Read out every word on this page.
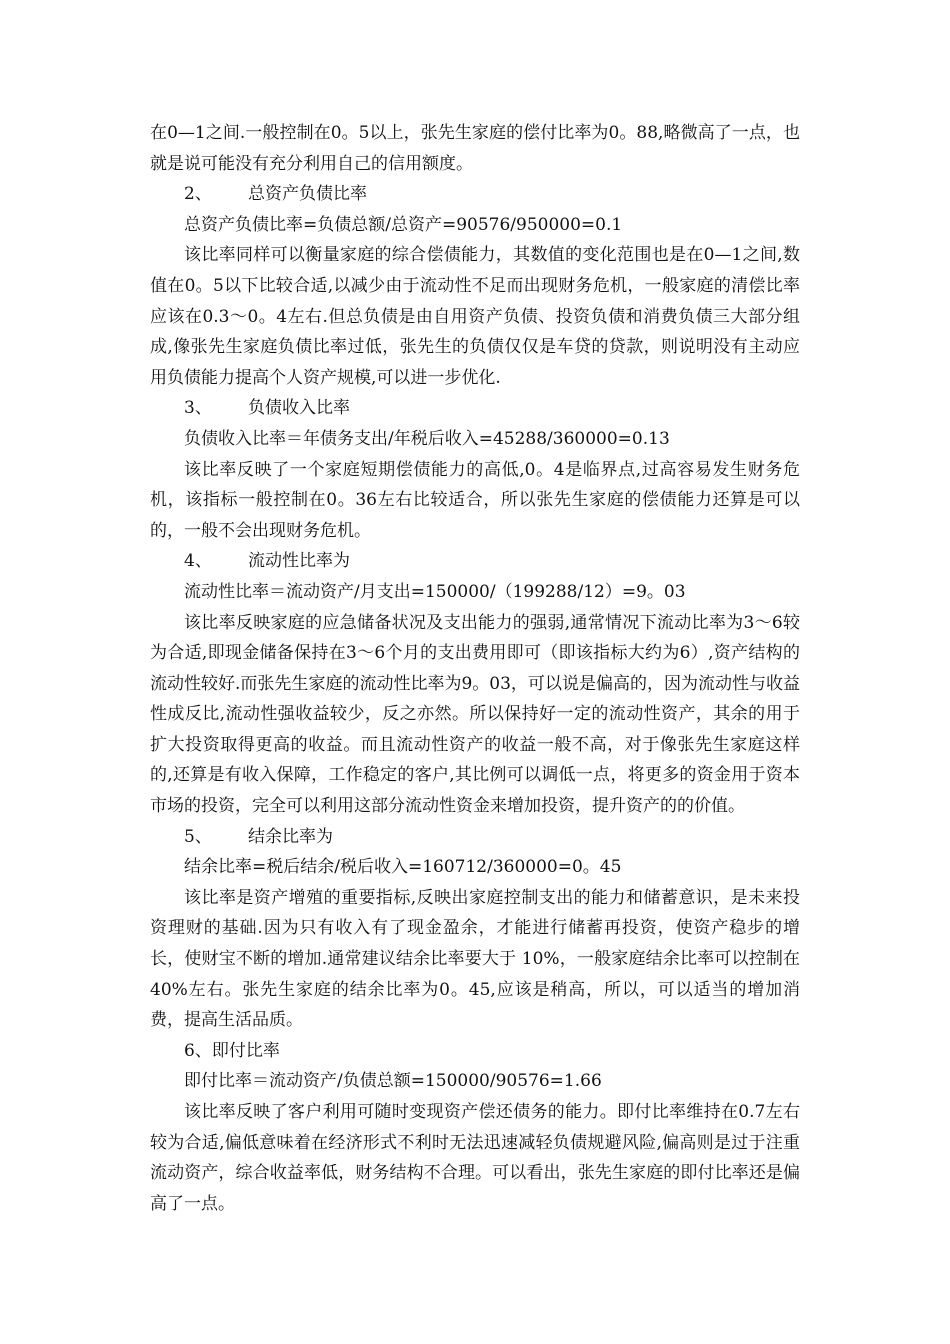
在0—1之间.一般控制在0。5以上，张先生家庭的偿付比率为0。88,略微高了一点，也就是说可能没有充分利用自己的信用额度。

2、 总资产负债比率
总资产负债比率=负债总额/总资产=90576/950000=0.1

该比率同样可以衡量家庭的综合偿债能力，其数值的变化范围也是在0—1之间,数值在0。5以下比较合适,以减少由于流动性不足而出现财务危机，一般家庭的清偿比率应该在0.3～0。4左右.但总负债是由自用资产负债、投资负债和消费负债三大部分组成,像张先生家庭负债比率过低，张先生的负债仅仅是车贷的贷款，则说明没有主动应用负债能力提高个人资产规模,可以进一步优化.

3、 负债收入比率
负债收入比率＝年债务支出/年税后收入=45288/360000=0.13

该比率反映了一个家庭短期偿债能力的高低,0。4是临界点,过高容易发生财务危机，该指标一般控制在0。36左右比较适合，所以张先生家庭的偿债能力还算是可以的，一般不会出现财务危机。

4、 流动性比率为
流动性比率＝流动资产/月支出=150000/（199288/12）=9。03

该比率反映家庭的应急储备状况及支出能力的强弱,通常情况下流动比率为3～6较为合适,即现金储备保持在3～6个月的支出费用即可（即该指标大约为6）,资产结构的流动性较好.而张先生家庭的流动性比率为9。03，可以说是偏高的，因为流动性与收益性成反比,流动性强收益较少，反之亦然。所以保持好一定的流动性资产，其余的用于扩大投资取得更高的收益。而且流动性资产的收益一般不高，对于像张先生家庭这样的,还算是有收入保障，工作稳定的客户,其比例可以调低一点，将更多的资金用于资本市场的投资，完全可以利用这部分流动性资金来增加投资，提升资产的的价值。

5、 结余比率为
结余比率=税后结余/税后收入=160712/360000=0。45

该比率是资产增殖的重要指标,反映出家庭控制支出的能力和储蓄意识，是未来投资理财的基础.因为只有收入有了现金盈余，才能进行储蓄再投资，使资产稳步的增长，使财宝不断的增加.通常建议结余比率要大于 10%，一般家庭结余比率可以控制在40%左右。张先生家庭的结余比率为0。45,应该是稍高，所以，可以适当的增加消费，提高生活品质。

6、即付比率
即付比率＝流动资产/负债总额=150000/90576=1.66

该比率反映了客户利用可随时变现资产偿还债务的能力。即付比率维持在0.7左右较为合适,偏低意味着在经济形式不利时无法迅速减轻负债规避风险,偏高则是过于注重流动资产，综合收益率低，财务结构不合理。可以看出，张先生家庭的即付比率还是偏高了一点。
